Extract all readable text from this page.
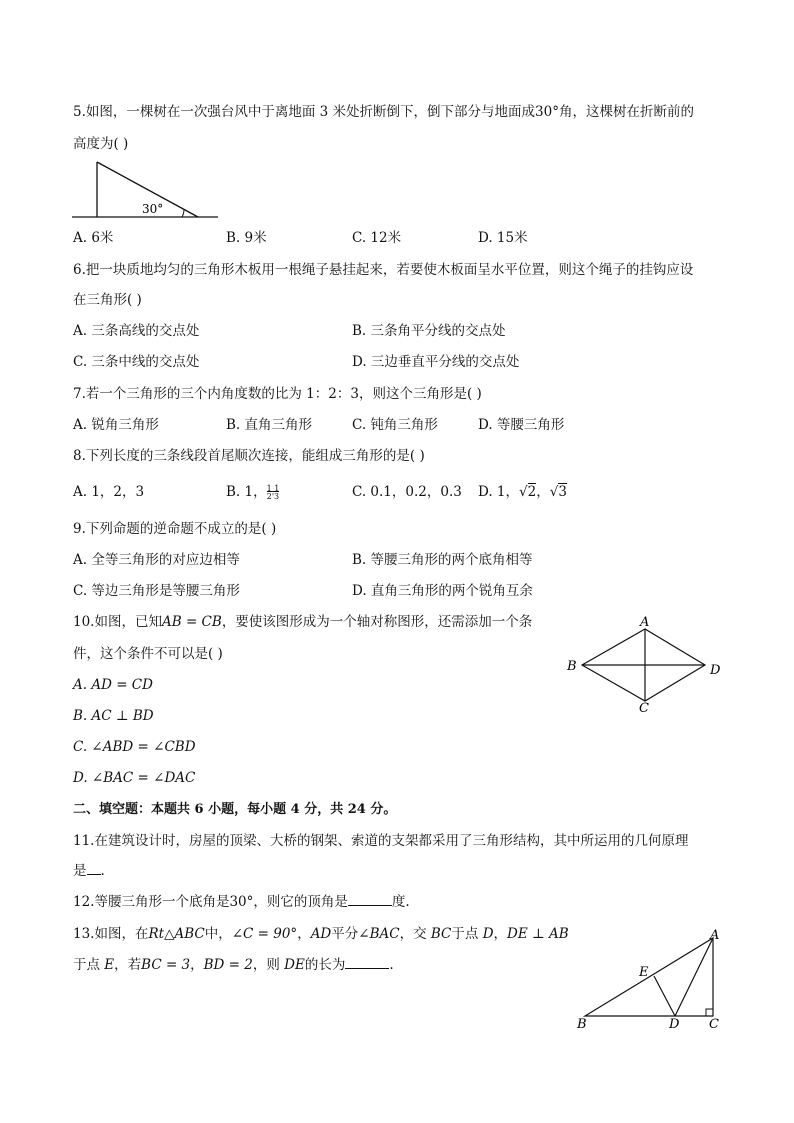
5.如图，一棵树在一次强台风中于离地面 3 米处折断倒下，倒下部分与地面成30°角，这棵树在折断前的
高度为( )
30°
A. 6米	B. 9米	C. 12米	D. 15米
6.把一块质地均匀的三角形木板用一根绳子悬挂起来，若要使木板面呈水平位置，则这个绳子的挂钩应设
在三角形( )
A. 三条高线的交点处	B. 三条角平分线的交点处
C. 三条中线的交点处	D. 三边垂直平分线的交点处
7.若一个三角形的三个内角度数的比为 1：2：3，则这个三角形是( )
A. 锐角三角形	B. 直角三角形	C. 钝角三角形	D. 等腰三角形
8.下列长度的三条线段首尾顺次连接，能组成三角形的是( )
A. 1，2，3	B. 1，$\frac{1 1}{2'3}$	C. 0.1，0.2，0.3 D. 1，√2，√3
9.下列命题的逆命题不成立的是( )
A. 全等三角形的对应边相等	B. 等腰三角形的两个底角相等
C. 等边三角形是等腰三角形	D. 直角三角形的两个锐角互余
10.如图，已知AB = CB，要使该图形成为一个轴对称图形，还需添加一个条
件，这个条件不可以是( )
A. AD = CD
B. AC ⊥ BD
C. ∠ABD = ∠CBD
D. ∠BAC = ∠DAC
A
B
C
D
二、填空题：本题共 6 小题，每小题 4 分，共 24 分。
11.在建筑设计时，房屋的顶梁、大桥的钢架、索道的支架都采用了三角形结构，其中所运用的几何原理
是 .
12.等腰三角形一个底角是30°，则它的顶角是	度.
13.如图，在Rt△ABC中，∠C = 90°，AD平分∠BAC，交 BC于点 D，DE ⊥ AB
于点 E，若BC = 3，BD = 2，则 DE的长为	.
A
E
B	D C
